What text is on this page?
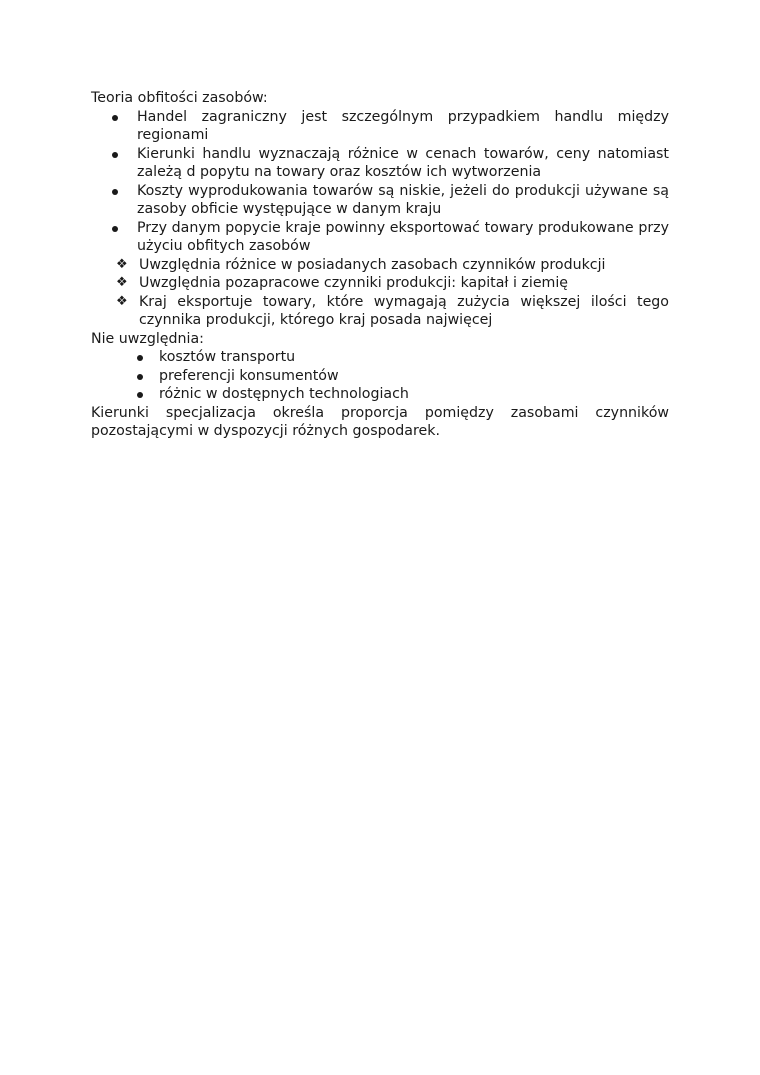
Teoria obfitości zasobów:

Handel zagraniczny jest szczególnym przypadkiem handlu między regionami
Kierunki handlu wyznaczają różnice w cenach towarów, ceny natomiast zależą d popytu na towary oraz kosztów ich wytworzenia
Koszty wyprodukowania towarów są niskie, jeżeli do produkcji używane są zasoby obficie występujące w danym kraju
Przy danym popycie kraje powinny eksportować towary produkowane przy użyciu obfitych zasobów
❖ Uwzględnia różnice w posiadanych zasobach czynników produkcji
❖ Uwzględnia pozapracowe czynniki produkcji: kapitał i ziemię
❖ Kraj eksportuje towary, które wymagają zużycia większej ilości tego czynnika produkcji, którego kraj posada najwięcej

Nie uwzględnia:

kosztów transportu
preferencji konsumentów
różnic w dostępnych technologiach

Kierunki specjalizacja określa proporcja pomiędzy zasobami czynników pozostającymi w dyspozycji różnych gospodarek.
